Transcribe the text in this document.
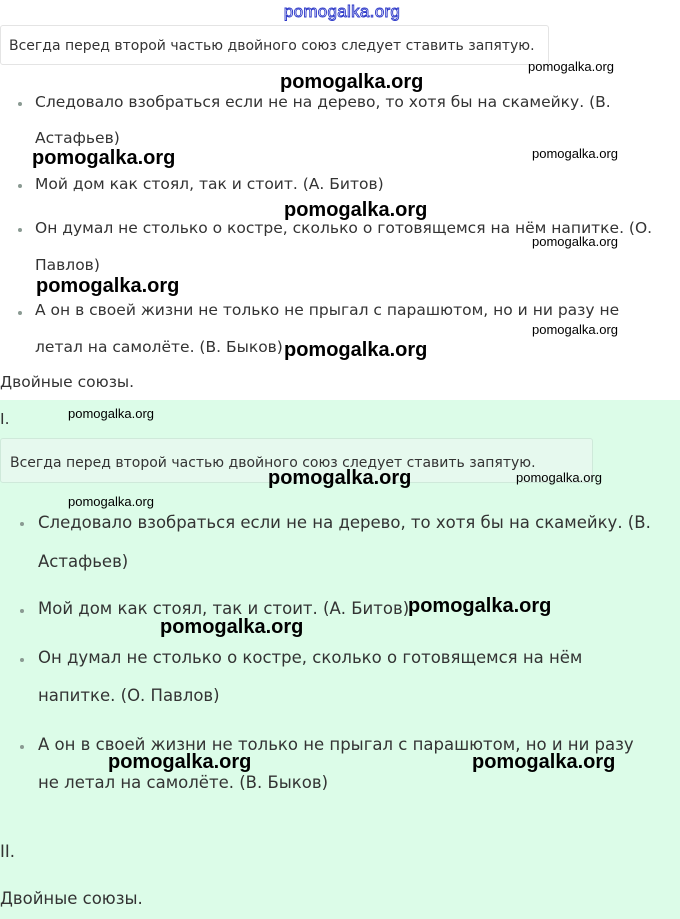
pomogalka.org
Всегда перед второй частью двойного союз следует ставить запятую.
Следовало взобраться если не на дерево, то хотя бы на скамейку. (В.
Астафьев)
Мой дом как стоял, так и стоит. (А. Битов)
Он думал не столько о костре, сколько о готовящемся на нём напитке. (О.
Павлов)
А он в своей жизни не только не прыгал с парашютом, но и ни разу не
летал на самолёте. (В. Быков)
Двойные союзы.
I.
Всегда перед второй частью двойного союз следует ставить запятую.
Следовало взобраться если не на дерево, то хотя бы на скамейку. (В.
Астафьев)
Мой дом как стоял, так и стоит. (А. Битов)
Он думал не столько о костре, сколько о готовящемся на нём
напитке. (О. Павлов)
А он в своей жизни не только не прыгал с парашютом, но и ни разу
не летал на самолёте. (В. Быков)
II.
Двойные союзы.
pomogalka.org
pomogalka.org
pomogalka.org	pomogalka.org
pomogalka.org
pomogalka.org
pomogalka.org
pomogalka.org
pomogalka.org
pomogalka.org
pomogalka.org	pomogalka.org
pomogalka.org
pomogalka.org
pomogalka.org
pomogalka.org	pomogalka.org
